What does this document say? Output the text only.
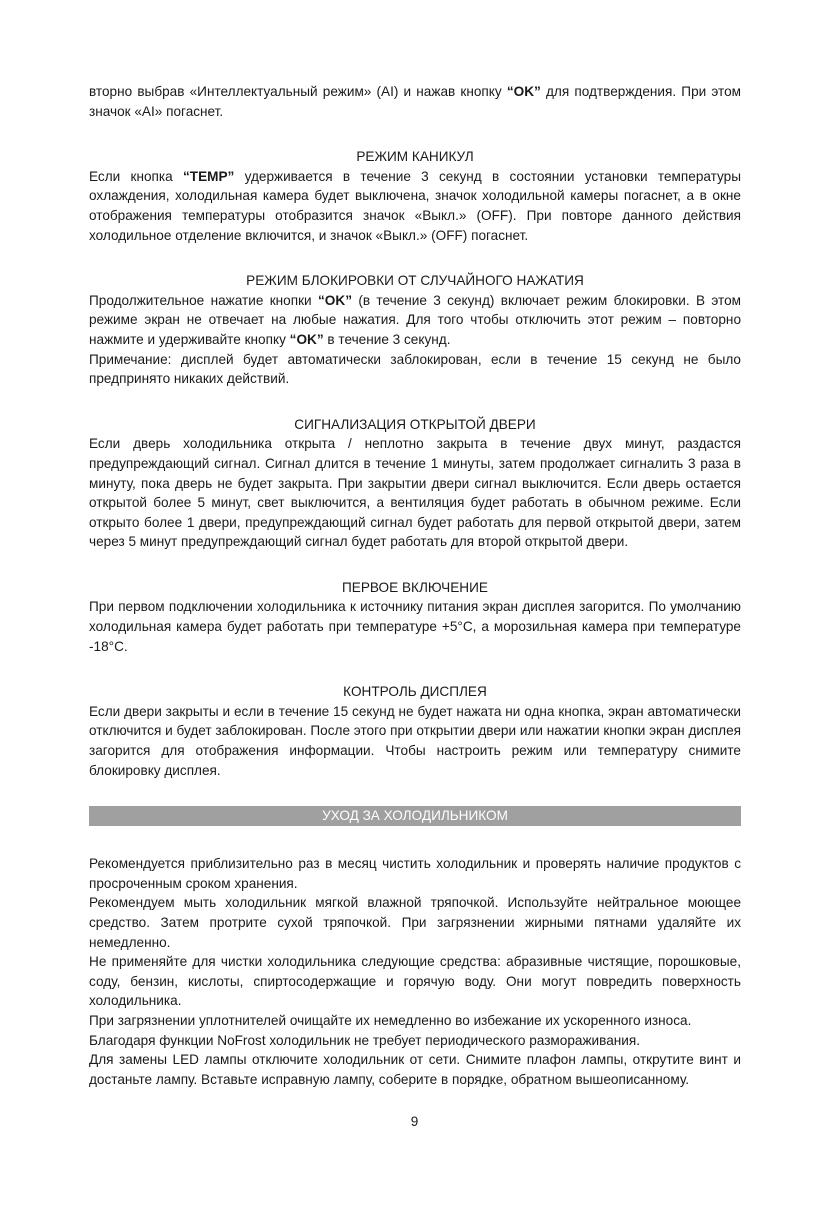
вторно выбрав «Интеллектуальный режим» (AI) и нажав кнопку “OK” для подтверждения. При этом значок «AI» погаснет.

РЕЖИМ КАНИКУЛ

Если кнопка “TEMP” удерживается в течение 3 секунд в состоянии установки температуры охлаждения, холодильная камера будет выключена, значок холодильной камеры погаснет, а в окне отображения температуры отобразится значок «Выкл.» (OFF). При повторе данного действия холодильное отделение включится, и значок «Выкл.» (OFF) погаснет.

РЕЖИМ БЛОКИРОВКИ ОТ СЛУЧАЙНОГО НАЖАТИЯ

Продолжительное нажатие кнопки “OK” (в течение 3 секунд) включает режим блокировки. В этом режиме экран не отвечает на любые нажатия. Для того чтобы отключить этот режим – повторно нажмите и удерживайте кнопку “OK” в течение 3 секунд.

Примечание: дисплей будет автоматически заблокирован, если в течение 15 секунд не было предпринято никаких действий.

СИГНАЛИЗАЦИЯ ОТКРЫТОЙ ДВЕРИ

Если дверь холодильника открыта / неплотно закрыта в течение двух минут, раздастся предупреждающий сигнал. Сигнал длится в течение 1 минуты, затем продолжает сигналить 3 раза в минуту, пока дверь не будет закрыта. При закрытии двери сигнал выключится. Если дверь остается открытой более 5 минут, свет выключится, а вентиляция будет работать в обычном режиме. Если открыто более 1 двери, предупреждающий сигнал будет работать для первой открытой двери, затем через 5 минут предупреждающий сигнал будет работать для второй открытой двери.

ПЕРВОЕ ВКЛЮЧЕНИЕ

При первом подключении холодильника к источнику питания экран дисплея загорится. По умолчанию холодильная камера будет работать при температуре +5°C, а морозильная камера при температуре -18°C.

КОНТРОЛЬ ДИСПЛЕЯ

Если двери закрыты и если в течение 15 секунд не будет нажата ни одна кнопка, экран автоматически отключится и будет заблокирован. После этого при открытии двери или нажатии кнопки экран дисплея загорится для отображения информации. Чтобы настроить режим или температуру снимите блокировку дисплея.

УХОД ЗА ХОЛОДИЛЬНИКОМ

Рекомендуется приблизительно раз в месяц чистить холодильник и проверять наличие продуктов с просроченным сроком хранения.

Рекомендуем мыть холодильник мягкой влажной тряпочкой. Используйте нейтральное моющее средство. Затем протрите сухой тряпочкой. При загрязнении жирными пятнами удаляйте их немедленно.

Не применяйте для чистки холодильника следующие средства: абразивные чистящие, порошковые, соду, бензин, кислоты, спиртосодержащие и горячую воду. Они могут повредить поверхность холодильника.

При загрязнении уплотнителей очищайте их немедленно во избежание их ускоренного износа.

Благодаря функции NoFrost холодильник не требует периодического размораживания.

Для замены LED лампы отключите холодильник от сети. Снимите плафон лампы, открутите винт и достаньте лампу. Вставьте исправную лампу, соберите в порядке, обратном вышеописанному.

9
